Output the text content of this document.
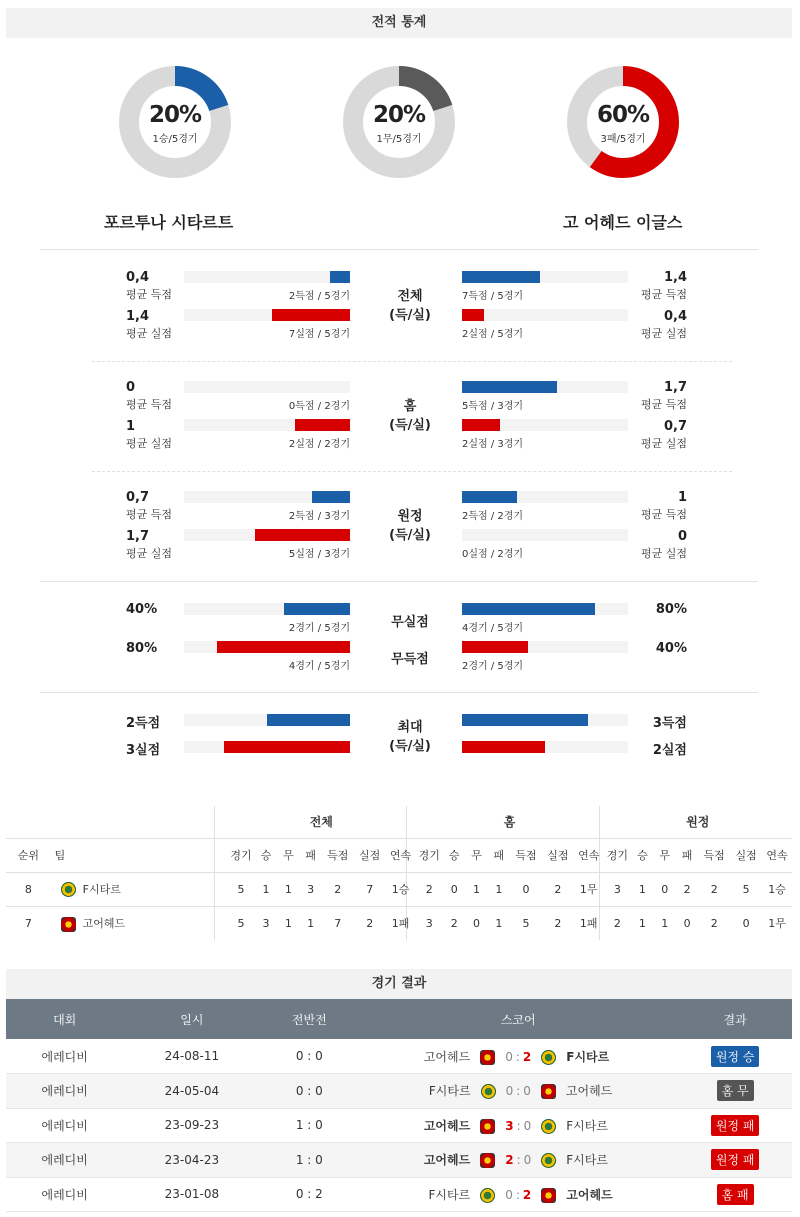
전적 통계
20%
1승/5경기
20%
1무/5경기
60%
3패/5경기
포르투나 시타르트	고 어헤드 이글스
0,4
평균 득점
1,4
평균 실점
2득점 / 5경기
7실점 / 5경기
전체
(득/실)
7득점 / 5경기
2실점 / 5경기
1,4
평균 득점
0,4
평균 실점
0
평균 득점
1
평균 실점
0득점 / 2경기
2실점 / 2경기
홈
(득/실)
5득점 / 3경기
2실점 / 3경기
1,7
평균 득점
0,7
평균 실점
0,7
평균 득점
1,7
평균 실점
2득점 / 3경기
5실점 / 3경기
원정
(득/실)
2득점 / 2경기
0실점 / 2경기
1
평균 득점
0
평균 실점
40%
2경기 / 5경기
80%
4경기 / 5경기
무실점
무득점
4경기 / 5경기
2경기 / 5경기
80%
40%
2득점
3실점
최대
(득/실)
3득점
2실점
		전체							홈							원정						
순위	팀	경기	승	무	패	득점	실점	연속	경기	승	무	패	득점	실점	연속	경기	승	무	패	득점	실점	연속
8	F시타르	5	1	1	3	2	7	1승	2	0	1	1	0	2	1무	3	1	0	2	2	5	1승
7	고어헤드	5	3	1	1	7	2	1패	3	2	0	1	5	2	1패	2	1	1	0	2	0	1무
경기 결과
대회	일시	전반전	스코어	결과
에레디비	24-08-11	0 : 0	고어헤드 0 : 2 F시타르	원정 승
에레디비	24-05-04	0 : 0	F시타르 0 : 0 고어헤드	홈 무
에레디비	23-09-23	1 : 0	고어헤드 3 : 0 F시타르	원정 패
에레디비	23-04-23	1 : 0	고어헤드 2 : 0 F시타르	원정 패
에레디비	23-01-08	0 : 2	F시타르 0 : 2 고어헤드	홈 패
